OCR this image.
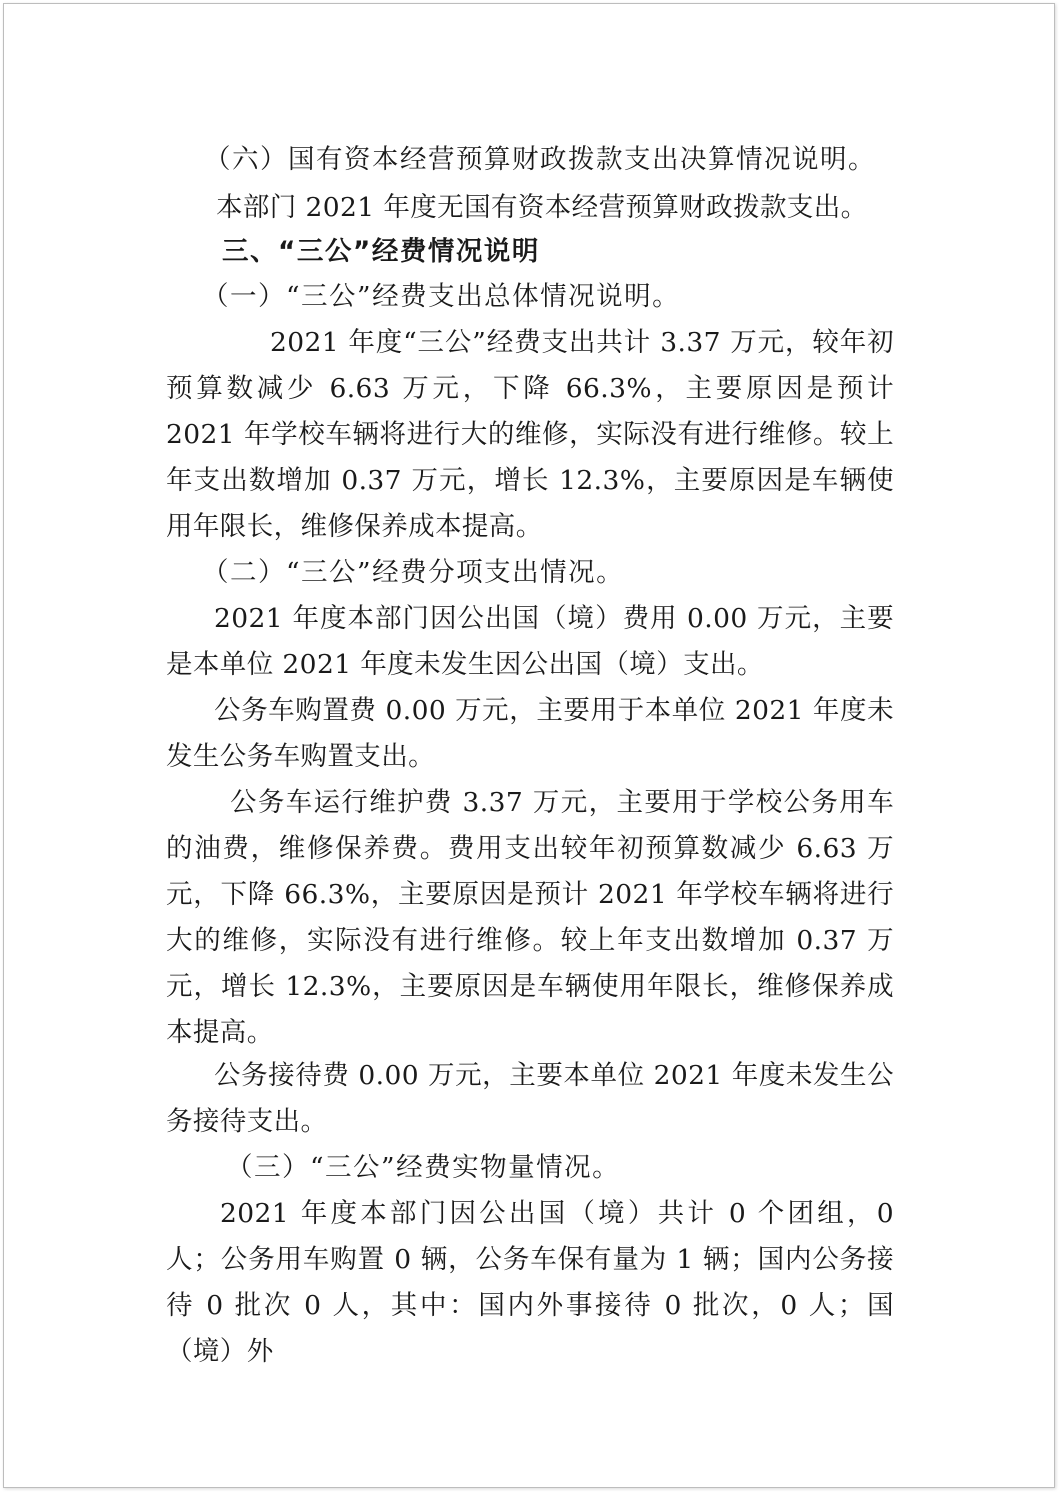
（六）国有资本经营预算财政拨款支出决算情况说明。

本部门 2021 年度无国有资本经营预算财政拨款支出。

三、“三公”经费情况说明

（一）“三公”经费支出总体情况说明。

2021 年度“三公”经费支出共计 3.37 万元，较年初预算数减少 6.63 万元，下降 66.3%，主要原因是预计 2021 年学校车辆将进行大的维修，实际没有进行维修。较上年支出数增加 0.37 万元，增长 12.3%，主要原因是车辆使用年限长，维修保养成本提高。

（二）“三公”经费分项支出情况。

2021 年度本部门因公出国（境）费用 0.00 万元，主要是本单位 2021 年度未发生因公出国（境）支出。

公务车购置费 0.00 万元，主要用于本单位 2021 年度未发生公务车购置支出。

公务车运行维护费 3.37 万元，主要用于学校公务用车的油费，维修保养费。费用支出较年初预算数减少 6.63 万元，下降 66.3%，主要原因是预计 2021 年学校车辆将进行大的维修，实际没有进行维修。较上年支出数增加 0.37 万元，增长 12.3%，主要原因是车辆使用年限长，维修保养成本提高。

公务接待费 0.00 万元，主要本单位 2021 年度未发生公务接待支出。

（三）“三公”经费实物量情况。

2021 年度本部门因公出国（境）共计 0 个团组，0 人；公务用车购置 0 辆，公务车保有量为 1 辆；国内公务接待 0 批次 0 人，其中：国内外事接待 0 批次，0 人；国（境）外
